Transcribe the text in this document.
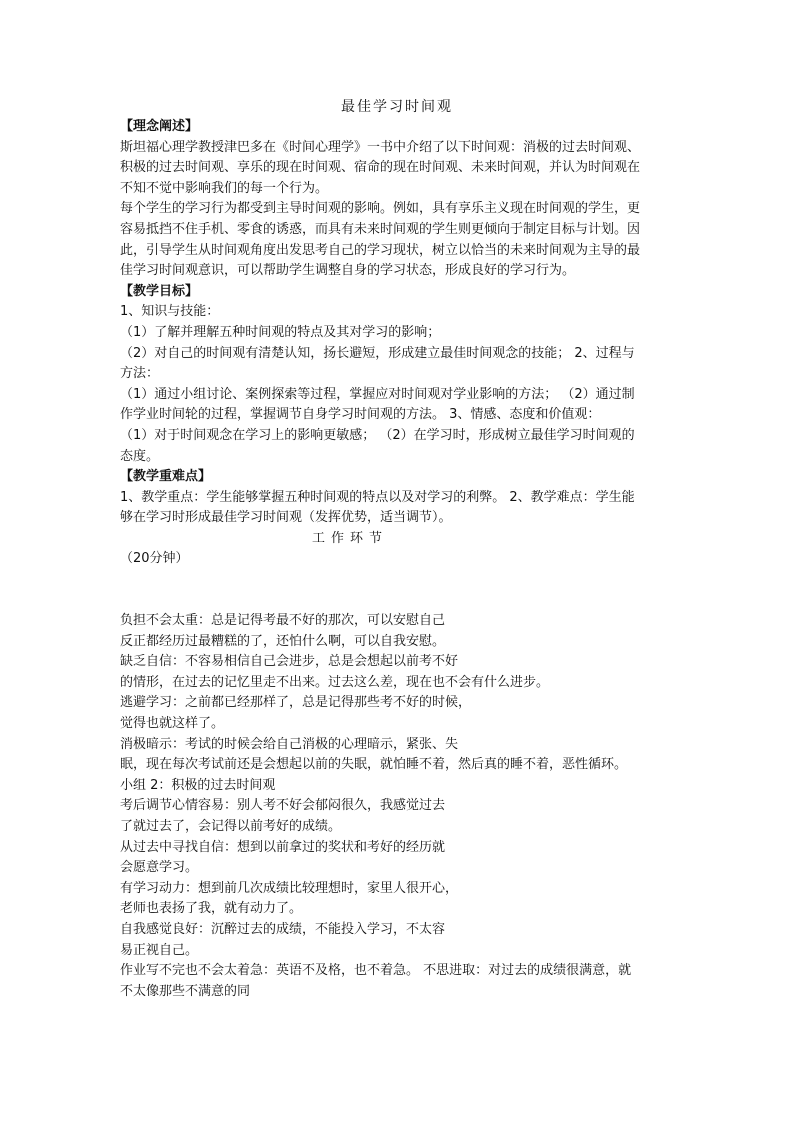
最佳学习时间观

【理念阐述】

斯坦福心理学教授津巴多在《时间心理学》一书中介绍了以下时间观：消极的过去时间观、

积极的过去时间观、享乐的现在时间观、宿命的现在时间观、未来时间观，并认为时间观在

不知不觉中影响我们的每一个行为。

每个学生的学习行为都受到主导时间观的影响。例如，具有享乐主义现在时间观的学生，更

容易抵挡不住手机、零食的诱惑，而具有未来时间观的学生则更倾向于制定目标与计划。因

此，引导学生从时间观角度出发思考自己的学习现状，树立以恰当的未来时间观为主导的最

佳学习时间观意识，可以帮助学生调整自身的学习状态，形成良好的学习行为。

【教学目标】

1、知识与技能：

（1）了解并理解五种时间观的特点及其对学习的影响；

（2）对自己的时间观有清楚认知，扬长避短，形成建立最佳时间观念的技能； 2、过程与

方法：

（1）通过小组讨论、案例探索等过程，掌握应对时间观对学业影响的方法； （2）通过制

作学业时间轮的过程，掌握调节自身学习时间观的方法。 3、情感、态度和价值观：

（1）对于时间观念在学习上的影响更敏感； （2）在学习时，形成树立最佳学习时间观的

态度。

【教学重难点】

1、教学重点：学生能够掌握五种时间观的特点以及对学习的利弊。 2、教学难点：学生能

够在学习时形成最佳学习时间观（发挥优势，适当调节）。

工作环节

（20分钟）

负担不会太重：总是记得考最不好的那次，可以安慰自己

反正都经历过最糟糕的了，还怕什么啊，可以自我安慰。

缺乏自信：不容易相信自己会进步，总是会想起以前考不好

的情形，在过去的记忆里走不出来。过去这么差，现在也不会有什么进步。

逃避学习：之前都已经那样了，总是记得那些考不好的时候，

觉得也就这样了。

消极暗示：考试的时候会给自己消极的心理暗示，紧张、失

眠，现在每次考试前还是会想起以前的失眠，就怕睡不着，然后真的睡不着，恶性循环。

小组 2：积极的过去时间观

考后调节心情容易：别人考不好会郁闷很久，我感觉过去

了就过去了，会记得以前考好的成绩。

从过去中寻找自信：想到以前拿过的奖状和考好的经历就

会愿意学习。

有学习动力：想到前几次成绩比较理想时，家里人很开心，

老师也表扬了我，就有动力了。

自我感觉良好：沉醉过去的成绩，不能投入学习，不太容

易正视自己。

作业写不完也不会太着急：英语不及格，也不着急。 不思进取：对过去的成绩很满意，就

不太像那些不满意的同
